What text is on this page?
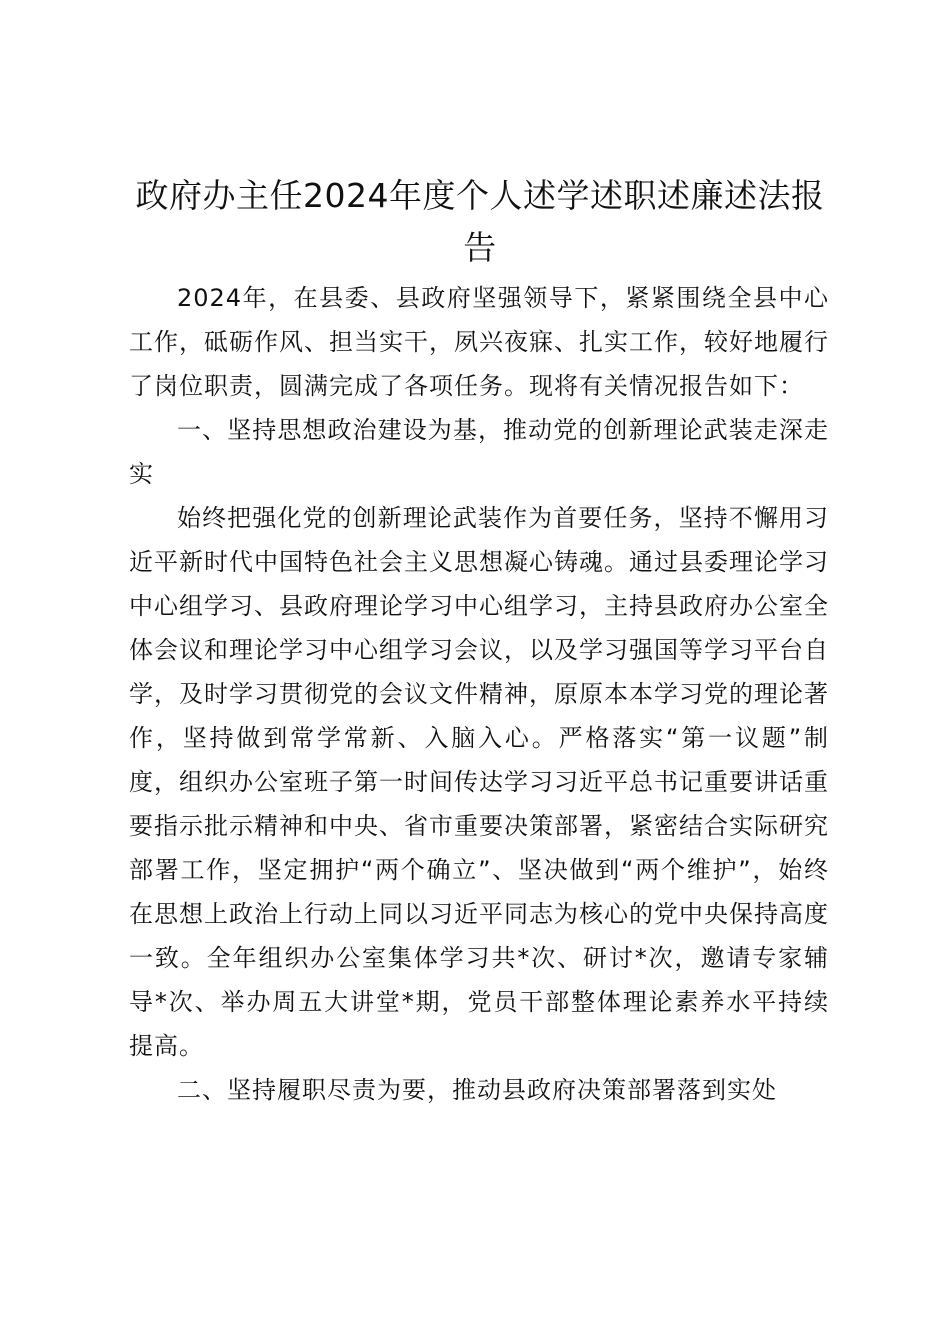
政府办主任2024年度个人述学述职述廉述法报告

2024年，在县委、县政府坚强领导下，紧紧围绕全县中心工作，砥砺作风、担当实干，夙兴夜寐、扎实工作，较好地履行了岗位职责，圆满完成了各项任务。现将有关情况报告如下：

一、坚持思想政治建设为基，推动党的创新理论武装走深走实

始终把强化党的创新理论武装作为首要任务，坚持不懈用习近平新时代中国特色社会主义思想凝心铸魂。通过县委理论学习中心组学习、县政府理论学习中心组学习，主持县政府办公室全体会议和理论学习中心组学习会议，以及学习强国等学习平台自学，及时学习贯彻党的会议文件精神，原原本本学习党的理论著作，坚持做到常学常新、入脑入心。严格落实“第一议题”制度，组织办公室班子第一时间传达学习习近平总书记重要讲话重要指示批示精神和中央、省市重要决策部署，紧密结合实际研究部署工作，坚定拥护“两个确立”、坚决做到“两个维护”，始终在思想上政治上行动上同以习近平同志为核心的党中央保持高度一致。全年组织办公室集体学习共*次、研讨*次，邀请专家辅导*次、举办周五大讲堂*期，党员干部整体理论素养水平持续提高。

二、坚持履职尽责为要，推动县政府决策部署落到实处
